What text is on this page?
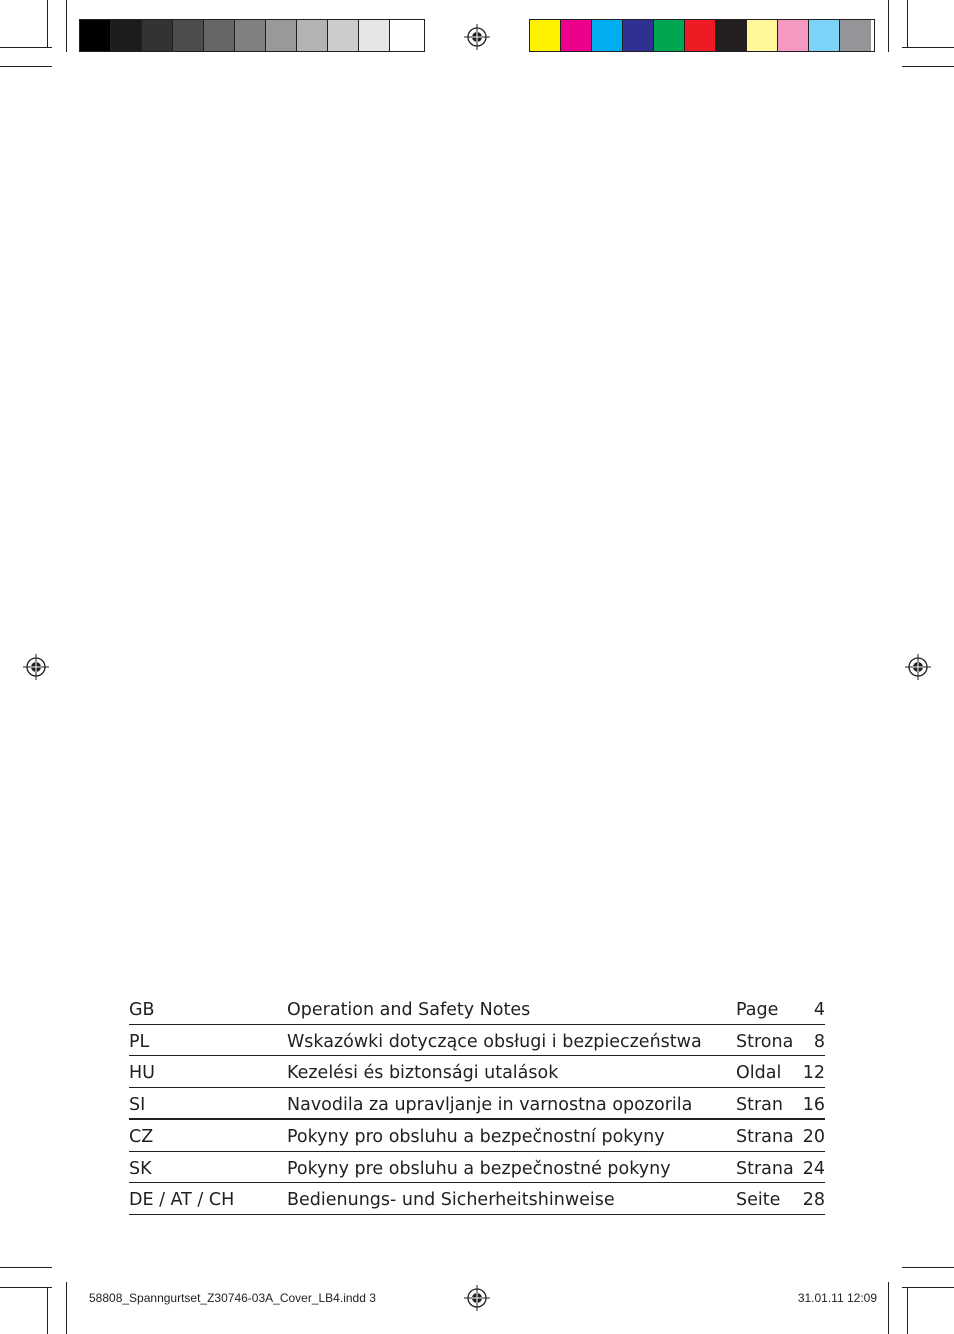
GB	Operation and Safety Notes	Page	4
PL	Wskazówki dotyczące obsługi i bezpieczeństwa	Strona	8
HU	Kezelési és biztonsági utalások	Oldal	12
SI	Navodila za upravljanje in varnostna opozorila	Stran	16
CZ	Pokyny pro obsluhu a bezpečnostní pokyny	Strana	20
SK	Pokyny pre obsluhu a bezpečnostné pokyny	Strana	24
DE / AT / CH	Bedienungs- und Sicherheitshinweise	Seite	28
58808_Spanngurtset_Z30746-03A_Cover_LB4.indd 3	31.01.11 12:09
